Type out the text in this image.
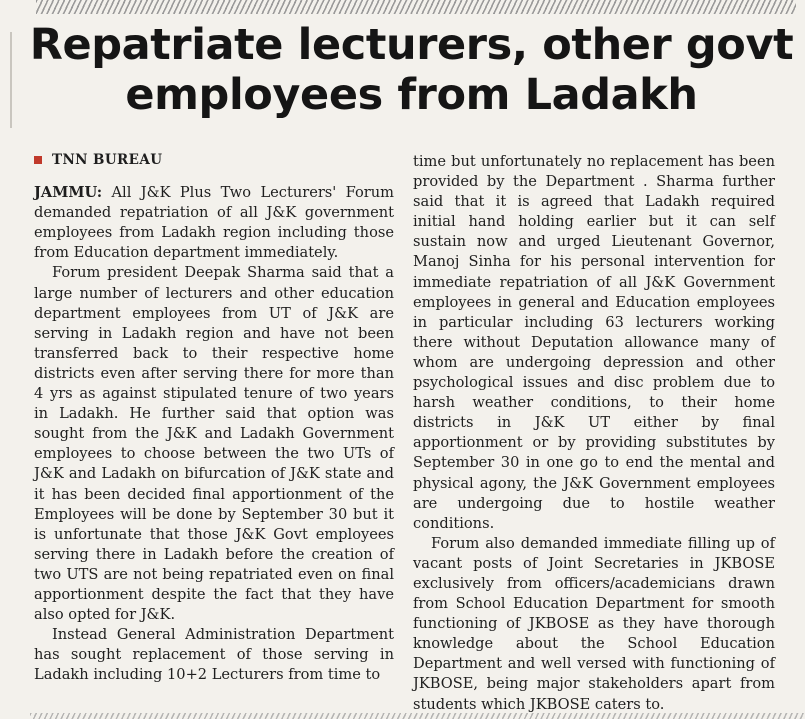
Repatriate lecturers, other govt employees from Ladakh
TNN BUREAU

JAMMU: All J&K Plus Two Lecturers' Forum demanded repatriation of all J&K government employees from Ladakh region including those from Education department immediately.

Forum president Deepak Sharma said that a large number of lecturers and other education department employees from UT of J&K are serving in Ladakh region and have not been transferred back to their respective home districts even after serving there for more than 4 yrs as against stipulated tenure of two years in Ladakh. He further said that option was sought from the J&K and Ladakh Government employees to choose between the two UTs of J&K and Ladakh on bifurcation of J&K state and it has been decided final apportionment of the Employees will be done by September 30 but it is unfortunate that those J&K Govt employees serving there in Ladakh before the creation of two UTS are not being repatriated even on final apportionment despite the fact that they have also opted for J&K.

Instead General Administration Department has sought replacement of those serving in Ladakh including 10+2 Lecturers from time to

time but unfortunately no replacement has been provided by the Department . Sharma further said that it is agreed that Ladakh required initial hand holding earlier but it can self sustain now and urged Lieutenant Governor, Manoj Sinha for his personal intervention for immediate repatriation of all J&K Government employees in general and Education employees in particular including 63 lecturers working there without Deputation allowance many of whom are undergoing depression and other psychological issues and disc problem due to harsh weather conditions, to their home districts in J&K UT either by final apportionment or by providing substitutes by September 30 in one go to end the mental and physical agony, the J&K Government employees are undergoing due to hostile weather conditions.

Forum also demanded immediate filling up of vacant posts of Joint Secretaries in JKBOSE exclusively from officers/academicians drawn from School Education Department for smooth functioning of JKBOSE as they have thorough knowledge about the School Education Department and well versed with functioning of JKBOSE, being major stakeholders apart from students which JKBOSE caters to.
